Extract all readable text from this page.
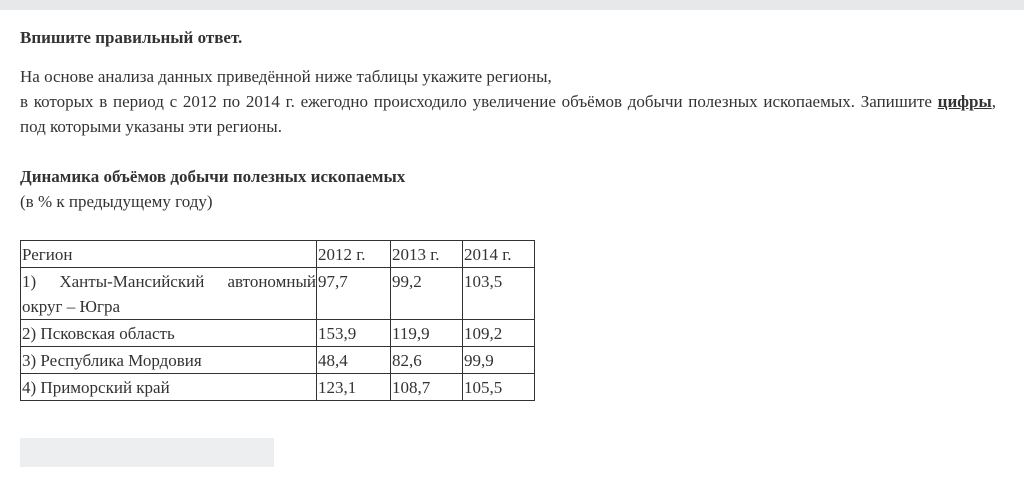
Впишите правильный ответ.

На основе анализа данных приведённой ниже таблицы укажите регионы,
в которых в период с 2012 по 2014 г. ежегодно происходило увеличение объёмов добычи полезных ископаемых. Запишите цифры, под которыми указаны эти регионы.

Динамика объёмов добычи полезных ископаемых

(в % к предыдущему году)

Регион	2012 г.	2013 г.	2014 г.
1) Ханты-Мансийский автономный округ – Югра	97,7	99,2	103,5
2) Псковская область	153,9	119,9	109,2
3) Республика Мордовия	48,4	82,6	99,9
4) Приморский край	123,1	108,7	105,5
